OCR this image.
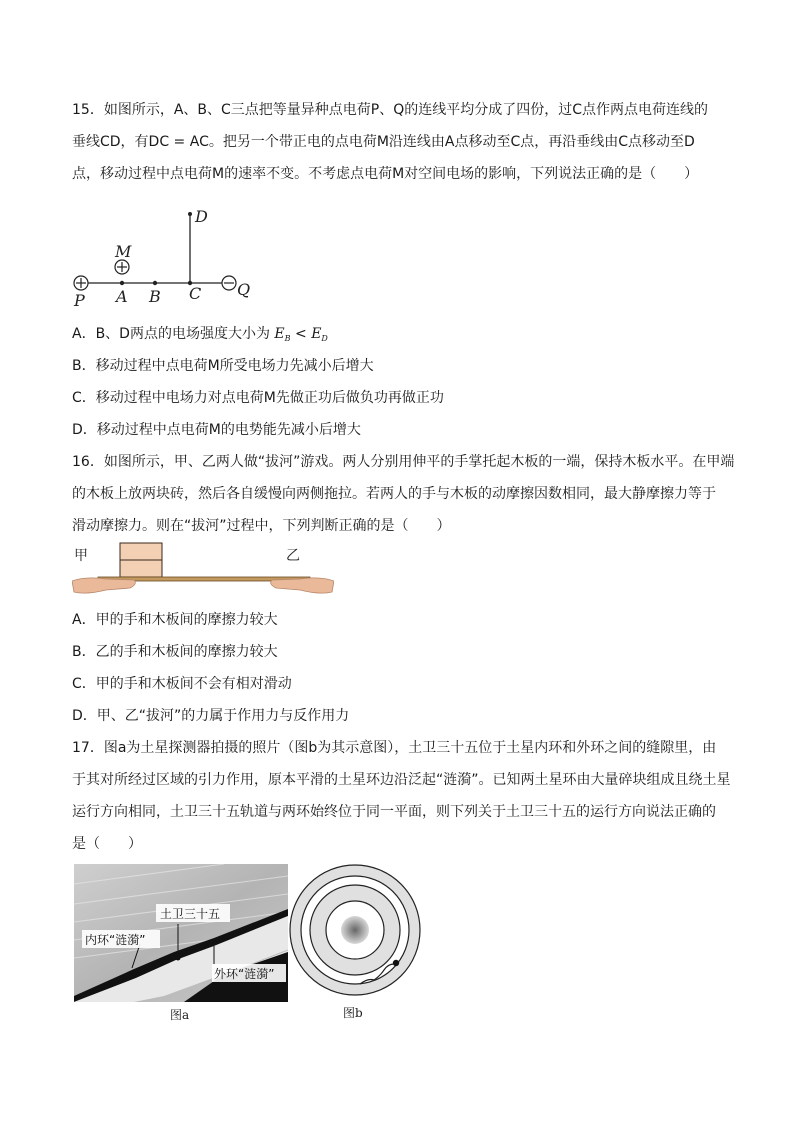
15．如图所示，A、B、C三点把等量异种点电荷P、Q的连线平均分成了四份，过C点作两点电荷连线的
垂线CD，有DC = AC。把另一个带正电的点电荷M沿连线由A点移动至C点，再沿垂线由C点移动至D
点，移动过程中点电荷M的速率不变。不考虑点电荷M对空间电场的影响，下列说法正确的是（　　）
D
M
P A B C Q
A．B、D两点的电场强度大小为 $E_B < E_D$
B．移动过程中点电荷M所受电场力先减小后增大
C．移动过程中电场力对点电荷M先做正功后做负功再做正功
D．移动过程中点电荷M的电势能先减小后增大
16．如图所示，甲、乙两人做“拔河”游戏。两人分别用伸平的手掌托起木板的一端，保持木板水平。在甲端
的木板上放两块砖，然后各自缓慢向两侧拖拉。若两人的手与木板的动摩擦因数相同，最大静摩擦力等于
滑动摩擦力。则在“拔河”过程中，下列判断正确的是（　　）
甲	乙
A．甲的手和木板间的摩擦力较大
B．乙的手和木板间的摩擦力较大
C．甲的手和木板间不会有相对滑动
D．甲、乙“拔河”的力属于作用力与反作用力
17．图a为土星探测器拍摄的照片（图b为其示意图），土卫三十五位于土星内环和外环之间的缝隙里，由
于其对所经过区域的引力作用，原本平滑的土星环边沿泛起“涟漪”。已知两土星环由大量碎块组成且绕土星
运行方向相同，土卫三十五轨道与两环始终位于同一平面，则下列关于土卫三十五的运行方向说法正确的
是（　　）
土卫三十五
内环“涟漪”
外环“涟漪”
图a	图b
